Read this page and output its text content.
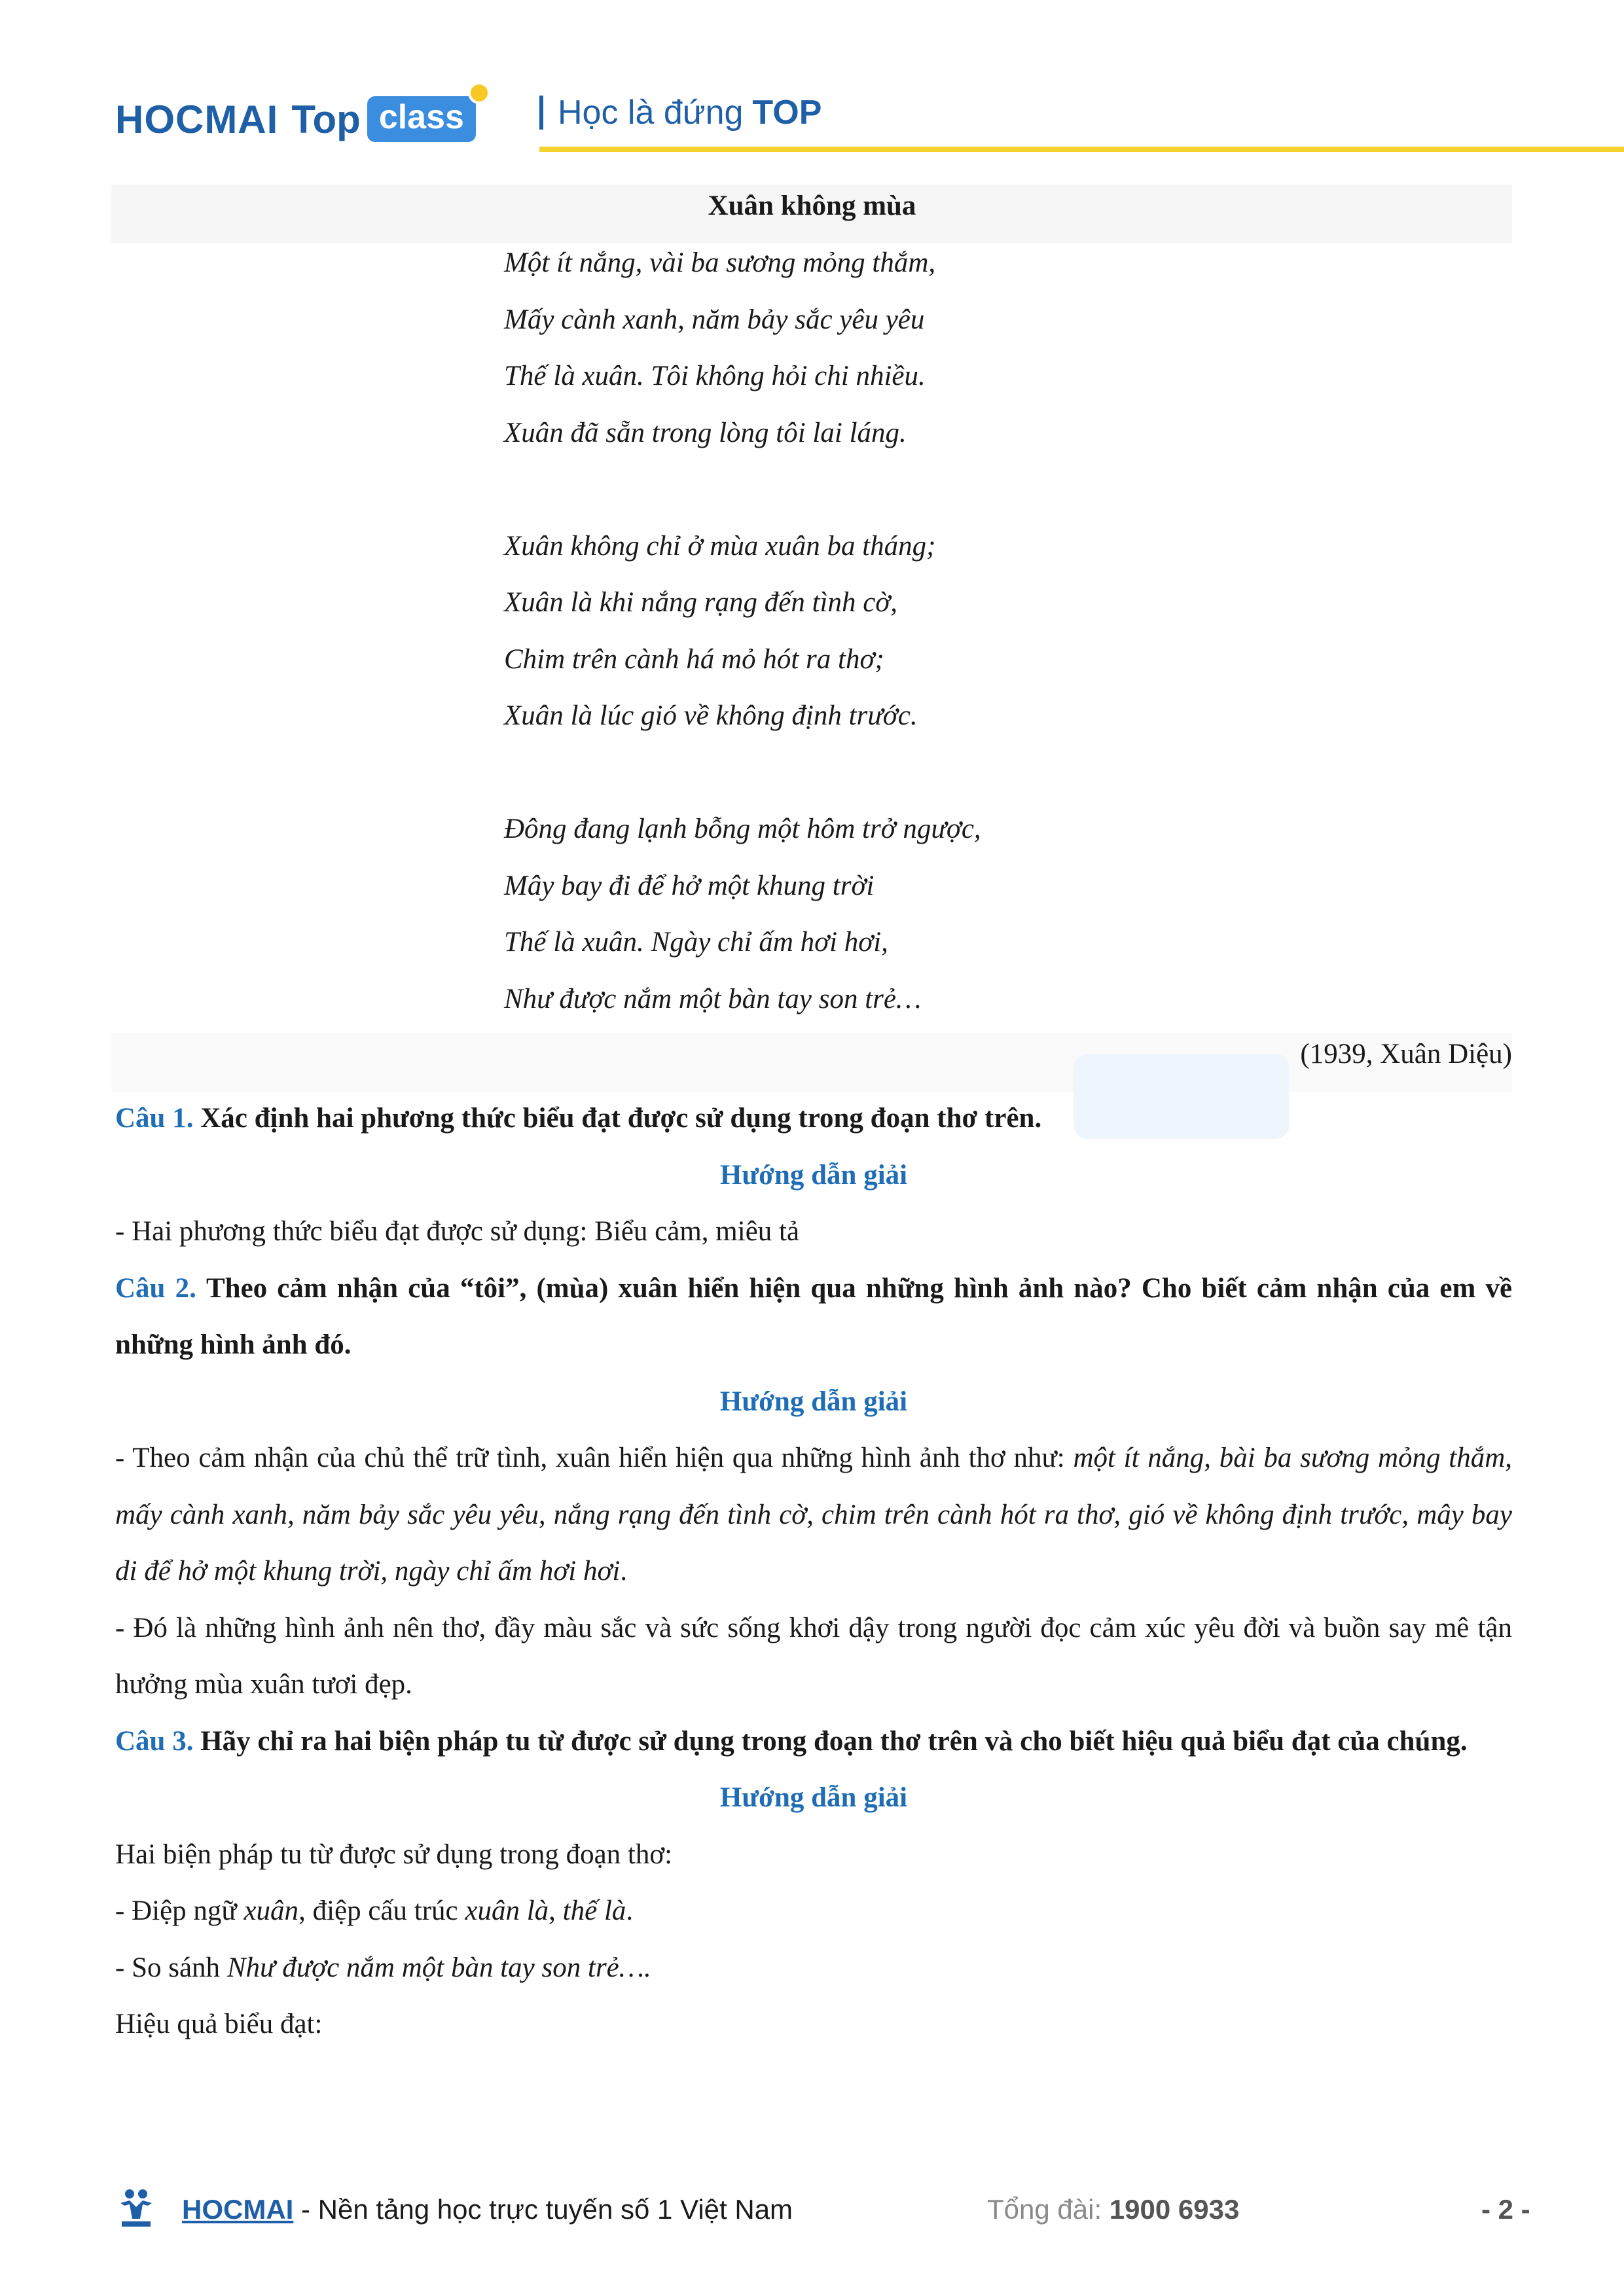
HOCMAI Top class	Học là đứng TOP
Xuân không mùa
Một ít nắng, vài ba sương mỏng thắm,
Mấy cành xanh, năm bảy sắc yêu yêu
Thế là xuân. Tôi không hỏi chi nhiều.
Xuân đã sẵn trong lòng tôi lai láng.
Xuân không chỉ ở mùa xuân ba tháng;
Xuân là khi nắng rạng đến tình cờ,
Chim trên cành há mỏ hót ra thơ;
Xuân là lúc gió về không định trước.
Đông đang lạnh bỗng một hôm trở ngược,
Mây bay đi để hở một khung trời
Thế là xuân. Ngày chỉ ấm hơi hơi,
Như được nắm một bàn tay son trẻ…
(1939, Xuân Diệu)

Câu 1. Xác định hai phương thức biểu đạt được sử dụng trong đoạn thơ trên.

Hướng dẫn giải

- Hai phương thức biểu đạt được sử dụng: Biểu cảm, miêu tả

Câu 2. Theo cảm nhận của “tôi”, (mùa) xuân hiển hiện qua những hình ảnh nào? Cho biết cảm nhận của em về những hình ảnh đó.

Hướng dẫn giải

- Theo cảm nhận của chủ thể trữ tình, xuân hiển hiện qua những hình ảnh thơ như: một ít nắng, bài ba sương mỏng thắm, mấy cành xanh, năm bảy sắc yêu yêu, nắng rạng đến tình cờ, chim trên cành hót ra thơ, gió về không định trước, mây bay di để hở một khung trời, ngày chỉ ấm hơi hơi.

- Đó là những hình ảnh nên thơ, đầy màu sắc và sức sống khơi dậy trong người đọc cảm xúc yêu đời và buồn say mê tận hưởng mùa xuân tươi đẹp.

Câu 3. Hãy chỉ ra hai biện pháp tu từ được sử dụng trong đoạn thơ trên và cho biết hiệu quả biểu đạt của chúng.

Hướng dẫn giải

Hai biện pháp tu từ được sử dụng trong đoạn thơ:

- Điệp ngữ xuân, điệp cấu trúc xuân là, thế là.

- So sánh Như được nắm một bàn tay son trẻ….

Hiệu quả biểu đạt:

HOCMAI - Nền tảng học trực tuyến số 1 Việt Nam	Tổng đài: 1900 6933	- 2 -
